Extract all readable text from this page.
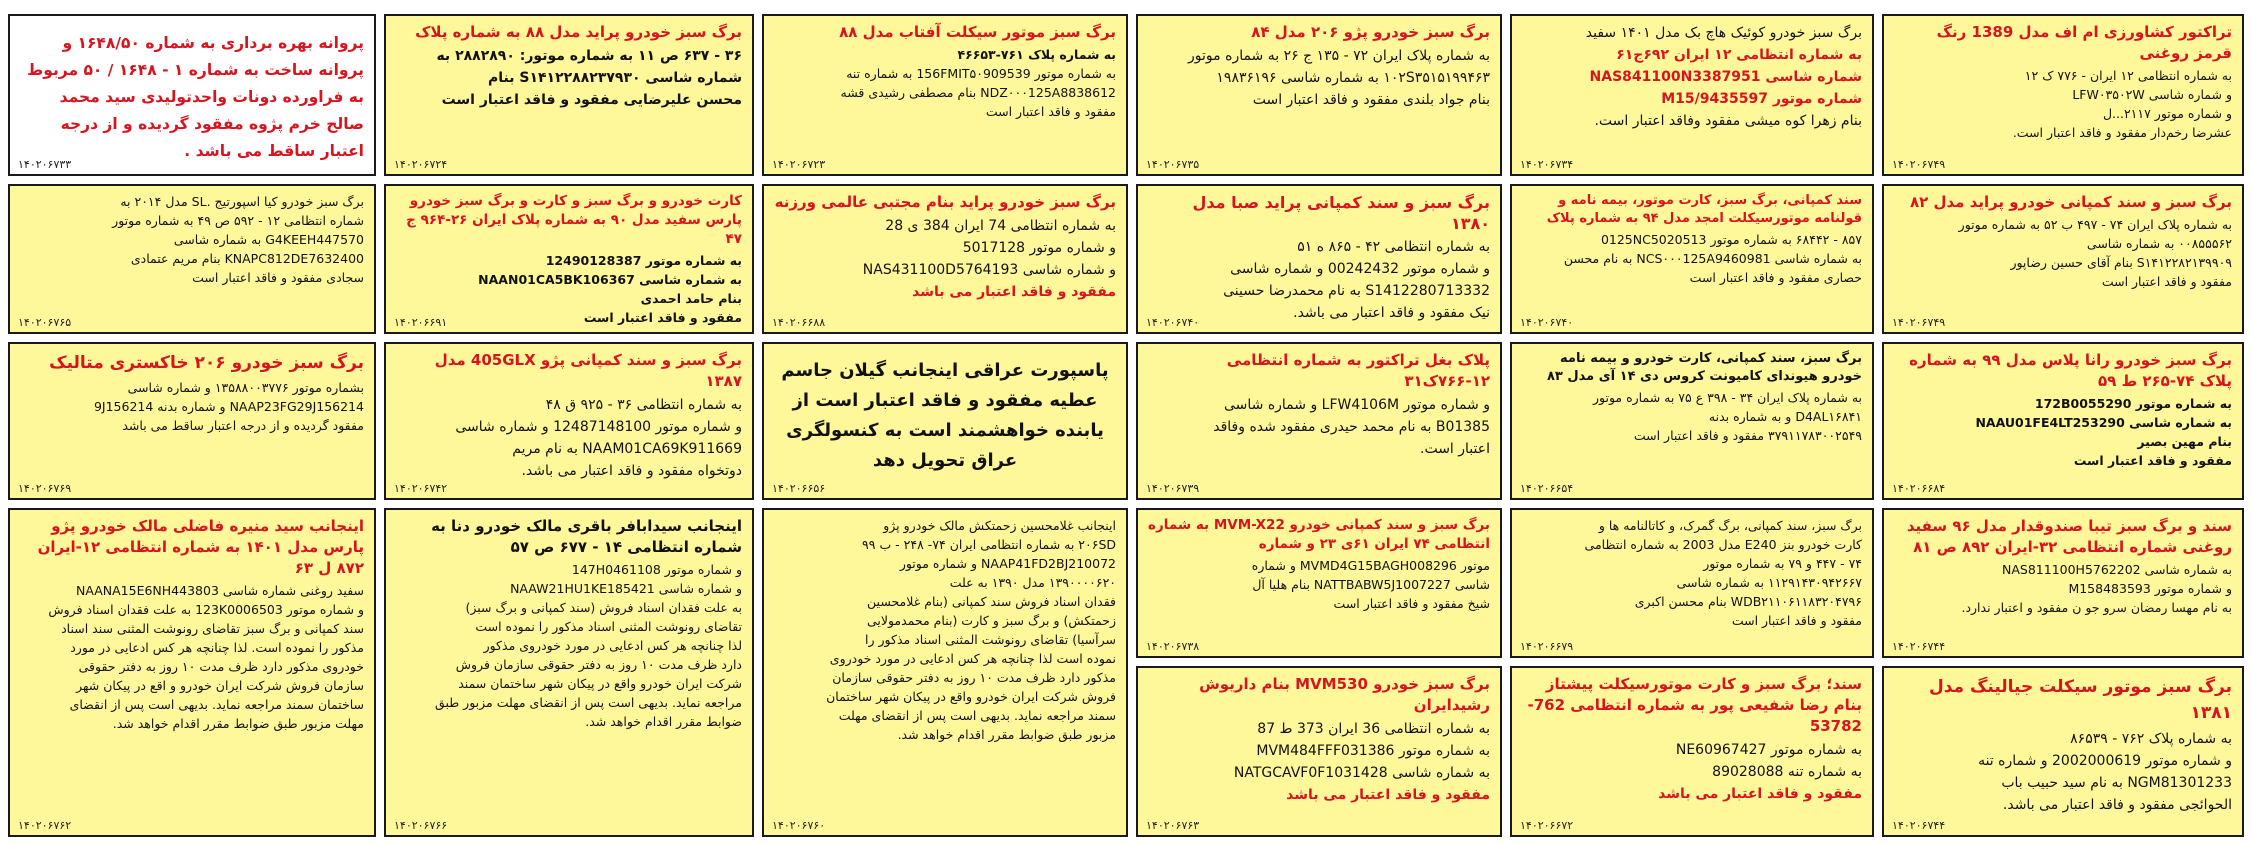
تراکتور کشاورزی ام اف مدل 1389 رنگ قرمز روغنی
به شماره انتظامی ۱۲ ایران - ۷۷۶ ک ۱۲
و شماره شاسی LFW۰۳۵۰۲W
و شماره موتور ۲۱۱۷...ل
عشرضا رخم‌دار مفقود و فاقد اعتبار است.
۱۴۰۲۰۶۷۴۹
برگ سبز خودرو کوئیک هاچ بک مدل ۱۴۰۱ سفید
به شماره انتظامی ۱۲ ایران ۶۹۲ج۶۱
شماره شاسی NAS841100N3387951
شماره موتور M15/9435597
بنام زهرا کوه میشی مفقود وفاقد اعتبار است.
۱۴۰۲۰۶۷۳۴
برگ سبز خودرو پژو ۲۰۶ مدل ۸۴
به شماره پلاک ایران ۷۲ - ۱۳۵ ج ۲۶ به شماره موتور
۱۰۲S۳۵۱۵۱۹۹۴۶۳ به شماره شاسی ۱۹۸۳۶۱۹۶
بنام جواد بلندی مفقود و فاقد اعتبار است
۱۴۰۲۰۶۷۳۵
برگ سبز موتور سیکلت آفتاب مدل ۸۸
به شماره پلاک ۷۶۱-۴۶۶۵۳
به شماره موتور 156FMIT۵۰909539 به شماره تنه
NDZ۰۰۰125A8838612 بنام مصطفی رشیدی قشه
مفقود و فاقد اعتبار است
۱۴۰۲۰۶۷۲۳
برگ سبز خودرو پراید مدل ۸۸ به شماره پلاک
۳۶ - ۶۳۷ ص ۱۱ به شماره موتور: ۲۸۸۲۸۹۰ به
شماره شاسی S۱۴۱۲۲۸۸۲۳۷۹۳۰ بنام
محسن علیرضایی مفقود و فاقد اعتبار است
۱۴۰۲۰۶۷۲۴
پروانه بهره برداری به شماره ۱۶۴۸/۵۰ و پروانه ساخت به شماره ۱ - ۱۶۴۸ / ۵۰ مربوط به فراورده دونات واحدتولیدی سید محمد صالح خرم پژوه مفقود گردیده و از درجه اعتبار ساقط می باشد .
۱۴۰۲۰۶۷۳۳
برگ سبز و سند کمپانی خودرو پراید مدل ۸۲
به شماره پلاک ایران ۷۴ - ۴۹۷ ب ۵۲ به شماره موتور
۰۰۸۵۵۵۶۲ به شماره شاسی
S۱۴۱۲۲۸۲۱۳۹۹۰۹ بنام آقای حسین رضاپور
مفقود و فاقد اعتبار است
۱۴۰۲۰۶۷۴۹
سند کمپانی، برگ سبز، کارت موتور، بیمه نامه و قولنامه موتورسیکلت امجد مدل ۹۴ به شماره پلاک
۸۵۷ - ۶۸۴۴۲ به شماره موتور 0125NC5020513
به شماره شاسی NCS۰۰۰125A9460981 به نام محسن
حصاری مفقود و فاقد اعتبار است
۱۴۰۲۰۶۷۴۰
برگ سبز و سند کمپانی پراید صبا مدل ۱۳۸۰
به شماره انتظامی ۴۲ - ۸۶۵ ه ۵۱
و شماره موتور 00242432 و شماره شاسی
S1412280713332 به نام محمدرضا حسینی
نیک مفقود و فاقد اعتبار می باشد.
۱۴۰۲۰۶۷۴۰
برگ سبز خودرو پراید بنام مجتبی عالمی ورزنه
به شماره انتظامی 74 ایران 384 ی 28
و شماره موتور 5017128
و شماره شاسی NAS431100D5764193
مفقود و فاقد اعتبار می باشد
۱۴۰۲۰۶۶۸۸
کارت خودرو و برگ سبز و کارت و برگ سبز خودرو پارس سفید مدل ۹۰ به شماره پلاک ایران ۲۶-۹۶۴ ج ۴۷
به شماره موتور 12490128387
به شماره شاسی NAAN01CA5BK106367
بنام حامد احمدی
مفقود و فاقد اعتبار است
۱۴۰۲۰۶۶۹۱
برگ سبز خودرو کیا اسپورتیج .SL مدل ۲۰۱۴ به
شماره انتظامی ۱۲ - ۵۹۲ ص ۴۹ به شماره موتور
G4KEEH447570 به شماره شاسی
KNAPC812DE7632400 بنام مریم عتمادی
سجادی مفقود و فاقد اعتبار است
۱۴۰۲۰۶۷۶۵
برگ سبز خودرو رانا پلاس مدل ۹۹ به شماره پلاک ۷۴-۲۶۵ ط ۵۹
به شماره موتور 172B0055290
به شماره شاسی NAAU01FE4LT253290
بنام مهین بصیر
مفقود و فاقد اعتبار است
۱۴۰۲۰۶۶۸۴
برگ سبز، سند کمپانی، کارت خودرو و بیمه نامه خودرو هیوندای کامیونت کروس دی ۱۴ آی مدل ۸۳
به شماره پلاک ایران ۳۴ - ۳۹۸ ع ۷۵ به شماره موتور
D4AL۱۶۸۴۱ و به شماره بدنه
۳۷۹۱۱۷۸۳۰۰۲۵۴۹ مفقود و فاقد اعتبار است
۱۴۰۲۰۶۶۵۴
پلاک بغل تراکتور به شماره انتظامی ۱۲-۷۶۶ک۳۱
و شماره موتور LFW4106M و شماره شاسی
B01385 به نام محمد حیدری مفقود شده وفاقد
اعتبار است.
۱۴۰۲۰۶۷۳۹
پاسپورت عراقی اینجانب گیلان جاسم عطیه مفقود و فاقد اعتبار است از یابنده خواهشمند است به کنسولگری عراق تحویل دهد
۱۴۰۲۰۶۶۵۶
برگ سبز و سند کمپانی پژو 405GLX مدل ۱۳۸۷
به شماره انتظامی ۳۶ - ۹۲۵ ق ۴۸
و شماره موتور 12487148100 و شماره شاسی
NAAM01CA69K911669 به نام مریم
دوتخواه مفقود و فاقد اعتبار می باشد.
۱۴۰۲۰۶۷۴۲
برگ سبز خودرو ۲۰۶ خاکستری متالیک
بشماره موتور ۱۳۵۸۸۰۰۳۷۷۶ و شماره شاسی
NAAP23FG29J156214 و شماره بدنه 9J156214
مفقود گردیده و از درجه اعتبار ساقط می باشد
۱۴۰۲۰۶۷۶۹
سند و برگ سبز تیبا صندوقدار مدل ۹۶ سفید روغنی شماره انتظامی ۳۲-ایران ۸۹۲ ص ۸۱
به شماره شاسی NAS811100H5762202
و شماره موتور M158483593
به نام مهسا رمضان سرو جو ن مفقود و اعتبار ندارد.
۱۴۰۲۰۶۷۴۴
برگ سبز، سند کمپانی، برگ گمرک، و کاتالنامه ها و
کارت خودرو بنز E240 مدل 2003 به شماره انتظامی
۷۴ - ۴۴۷ و ۷۹ به شماره موتور
۱۱۲۹۱۴۳۰۹۴۲۶۶۷ به شماره شاسی
WDB۲۱۱۰۶۱۱۸۳۲۰۴۷۹۶ بنام محسن اکبری
مفقود و فاقد اعتبار است
۱۴۰۲۰۶۶۷۹
برگ سبز و سند کمپانی خودرو MVM-X22 به شماره انتظامی ۷۴ ایران ۶۱ی ۲۳ و شماره
موتور MVMD4G15BAGH008296 و شماره
شاسی NATTBABW5J1007227 بنام هلیا آل
شیخ مفقود و فاقد اعتبار است
۱۴۰۲۰۶۷۳۸
اینجانب غلامحسین زحمتکش مالک خودرو پژو
۲۰۶SD به شماره انتظامی ایران ۷۴- ۲۴۸ - ب ۹۹
NAAP41FD2BJ210072 و شماره موتور
۱۳۹۰۰۰۰۶۲۰ مدل ۱۳۹۰ به علت
فقدان اسناد فروش سند کمپانی (بنام غلامحسین
زحمتکش) و برگ سبز و کارت (بنام محمدمولایی
سرآسیا) تقاضای رونوشت المثنی اسناد مذکور را
نموده است لذا چنانچه هر کس ادعایی در مورد خودروی
مذکور دارد ظرف مدت ۱۰ روز به دفتر حقوقی سازمان
فروش شرکت ایران خودرو واقع در پیکان شهر ساختمان
سمند مراجعه نماید. بدیهی است پس از انقضای مهلت
مزبور طبق ضوابط مقرر اقدام خواهد شد.
۱۴۰۲۰۶۷۶۰
اینجانب سیدابافر باقری مالک خودرو دنا به شماره انتظامی ۱۴ - ۶۷۷ ص ۵۷
و شماره موتور 147H0461108
و شماره شاسی NAAW21HU1KE185421
به علت فقدان اسناد فروش (سند کمپانی و برگ سبز)
تقاضای رونوشت المثنی اسناد مذکور را نموده است
لذا چنانچه هر کس ادعایی در مورد خودروی مذکور
دارد ظرف مدت ۱۰ روز به دفتر حقوقی سازمان فروش
شرکت ایران خودرو واقع در پیکان شهر ساختمان سمند
مراجعه نماید. بدیهی است پس از انقضای مهلت مزبور طبق
ضوابط مقرر اقدام خواهد شد.
۱۴۰۲۰۶۷۶۶
اینجانب سید منیره فاضلی مالک خودرو پژو پارس مدل ۱۴۰۱ به شماره انتظامی ۱۲-ایران ۸۷۲ ل ۶۳
سفید روغنی شماره شاسی NAANA15E6NH443803
و شماره موتور 123K0006503 به علت فقدان اسناد فروش
سند کمپانی و برگ سبز تقاضای رونوشت المثنی سند اسناد
مذکور را نموده است. لذا چنانچه هر کس ادعایی در مورد
خودروی مذکور دارد ظرف مدت ۱۰ روز به دفتر حقوقی
سازمان فروش شرکت ایران خودرو و اقع در پیکان شهر
ساختمان سمند مراجعه نماید. بدیهی است پس از انقضای
مهلت مزبور طبق ضوابط مقرر اقدام خواهد شد.
۱۴۰۲۰۶۷۶۲
برگ سبز موتور سیکلت جیالینگ مدل ۱۳۸۱
به شماره پلاک ۷۶۲ - ۸۶۵۳۹
و شماره موتور 2002000619 و شماره تنه
NGM81301233 به نام سید حبیب باب
الحوائجی مفقود و فاقد اعتبار می باشد.
۱۴۰۲۰۶۷۴۴
سند؛ برگ سبز و کارت موتورسیکلت پیشتاز بنام رضا شفیعی پور به شماره انتظامی 762-53782
به شماره موتور NE60967427
به شماره تنه 89028088
مفقود و فاقد اعتبار می باشد
۱۴۰۲۰۶۶۷۲
برگ سبز خودرو MVM530 بنام داریوش رشیدایران
به شماره انتظامی 36 ایران 373 ط 87
به شماره موتور MVM484FFF031386
به شماره شاسی NATGCAVF0F1031428
مفقود و فاقد اعتبار می باشد
۱۴۰۲۰۶۷۶۳
